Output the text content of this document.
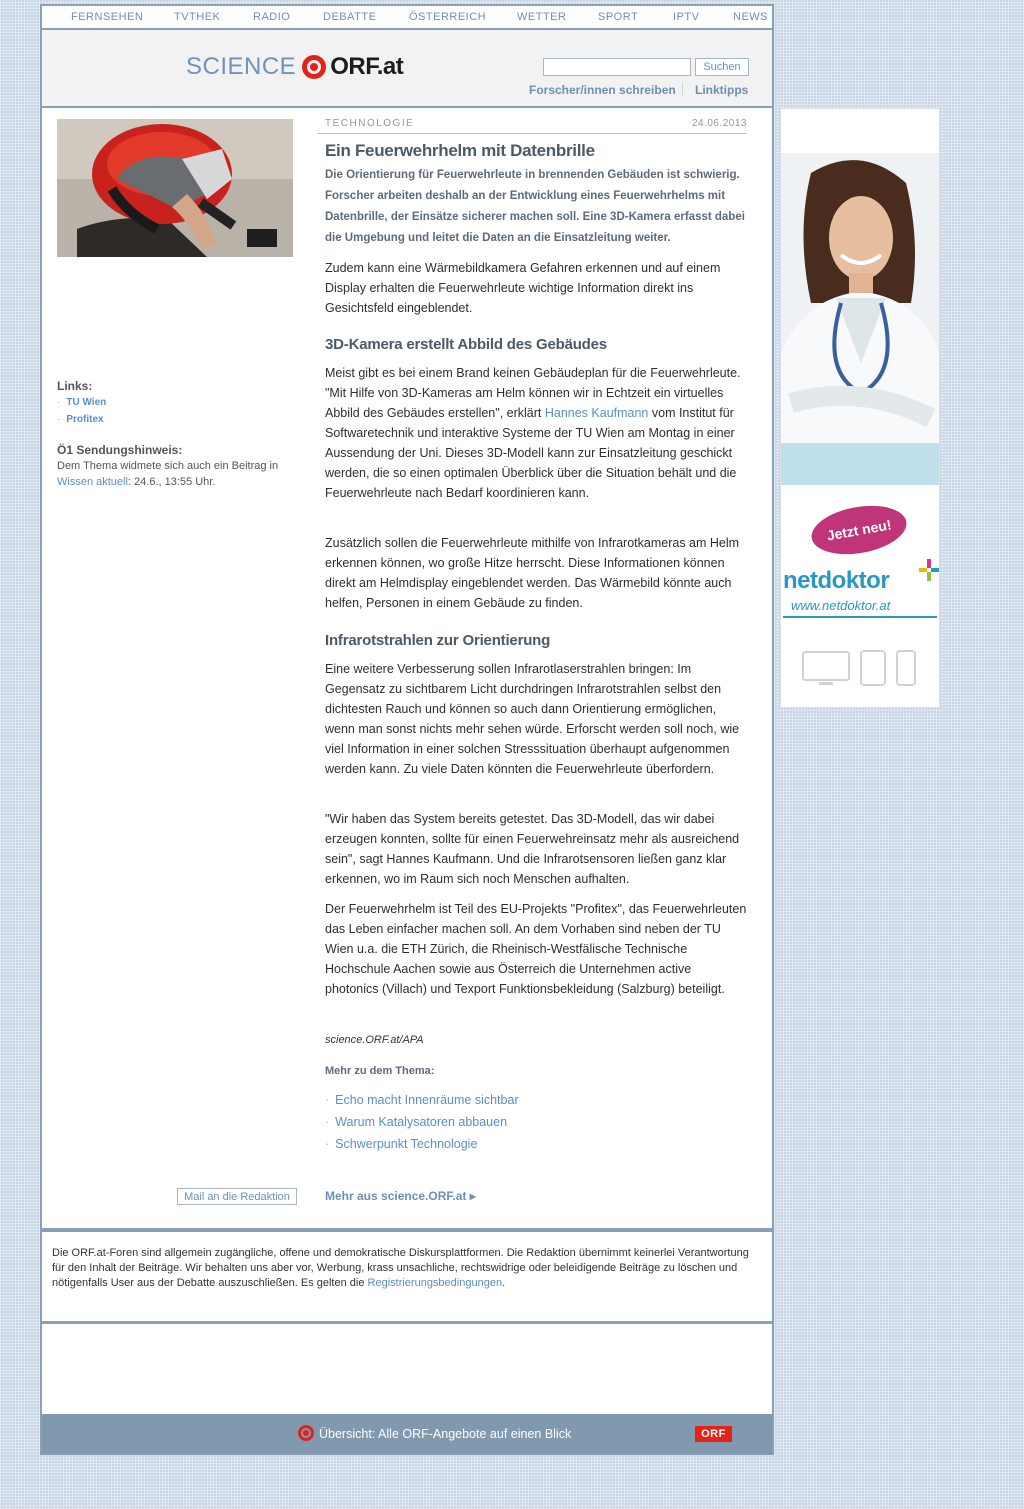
FERNSEHEN	TVTHEK	RADIO	DEBATTE	ÖSTERREICH	WETTER	SPORT	IPTV	NEWS
SCIENCE ORF.at	Suchen
Forscher/innen schreiben Linktipps
Links:
· TU Wien
· Profitex
Ö1 Sendungshinweis:
Dem Thema widmete sich auch ein Beitrag in Wissen aktuell: 24.6., 13:55 Uhr.
Mail an die Redaktion
TECHNOLOGIE	24.06.2013
Ein Feuerwehrhelm mit Datenbrille
Die Orientierung für Feuerwehrleute in brennenden Gebäuden ist schwierig. Forscher arbeiten deshalb an der Entwicklung eines Feuerwehrhelms mit Datenbrille, der Einsätze sicherer machen soll. Eine 3D-Kamera erfasst dabei die Umgebung und leitet die Daten an die Einsatzleitung weiter.
Zudem kann eine Wärmebildkamera Gefahren erkennen und auf einem Display erhalten die Feuerwehrleute wichtige Information direkt ins Gesichtsfeld eingeblendet.
3D-Kamera erstellt Abbild des Gebäudes
Meist gibt es bei einem Brand keinen Gebäudeplan für die Feuerwehrleute. "Mit Hilfe von 3D-Kameras am Helm können wir in Echtzeit ein virtuelles Abbild des Gebäudes erstellen", erklärt Hannes Kaufmann vom Institut für Softwaretechnik und interaktive Systeme der TU Wien am Montag in einer Aussendung der Uni. Dieses 3D-Modell kann zur Einsatzleitung geschickt werden, die so einen optimalen Überblick über die Situation behält und die Feuerwehrleute nach Bedarf koordinieren kann.
Zusätzlich sollen die Feuerwehrleute mithilfe von Infrarotkameras am Helm erkennen können, wo große Hitze herrscht. Diese Informationen können direkt am Helmdisplay eingeblendet werden. Das Wärmebild könnte auch helfen, Personen in einem Gebäude zu finden.
Infrarotstrahlen zur Orientierung
Eine weitere Verbesserung sollen Infrarotlaserstrahlen bringen: Im Gegensatz zu sichtbarem Licht durchdringen Infrarotstrahlen selbst den dichtesten Rauch und können so auch dann Orientierung ermöglichen, wenn man sonst nichts mehr sehen würde. Erforscht werden soll noch, wie viel Information in einer solchen Stresssituation überhaupt aufgenommen werden kann. Zu viele Daten könnten die Feuerwehrleute überfordern.
"Wir haben das System bereits getestet. Das 3D-Modell, das wir dabei erzeugen konnten, sollte für einen Feuerwehreinsatz mehr als ausreichend sein", sagt Hannes Kaufmann. Und die Infrarotsensoren ließen ganz klar erkennen, wo im Raum sich noch Menschen aufhalten.
Der Feuerwehrhelm ist Teil des EU-Projekts "Profitex", das Feuerwehrleuten das Leben einfacher machen soll. An dem Vorhaben sind neben der TU Wien u.a. die ETH Zürich, die Rheinisch-Westfälische Technische Hochschule Aachen sowie aus Österreich die Unternehmen active photonics (Villach) und Texport Funktionsbekleidung (Salzburg) beteiligt.
science.ORF.at/APA
Mehr zu dem Thema:
· Echo macht Innenräume sichtbar
· Warum Katalysatoren abbauen
· Schwerpunkt Technologie
Mehr aus science.ORF.at ▸
Jetzt neu!
netdoktor
www.netdoktor.at
Die ORF.at-Foren sind allgemein zugängliche, offene und demokratische Diskursplattformen. Die Redaktion übernimmt keinerlei Verantwortung für den Inhalt der Beiträge. Wir behalten uns aber vor, Werbung, krass unsachliche, rechtswidrige oder beleidigende Beiträge zu löschen und nötigenfalls User aus der Debatte auszuschließen. Es gelten die Registrierungsbedingungen.
Übersicht: Alle ORF-Angebote auf einen Blick	ORF
